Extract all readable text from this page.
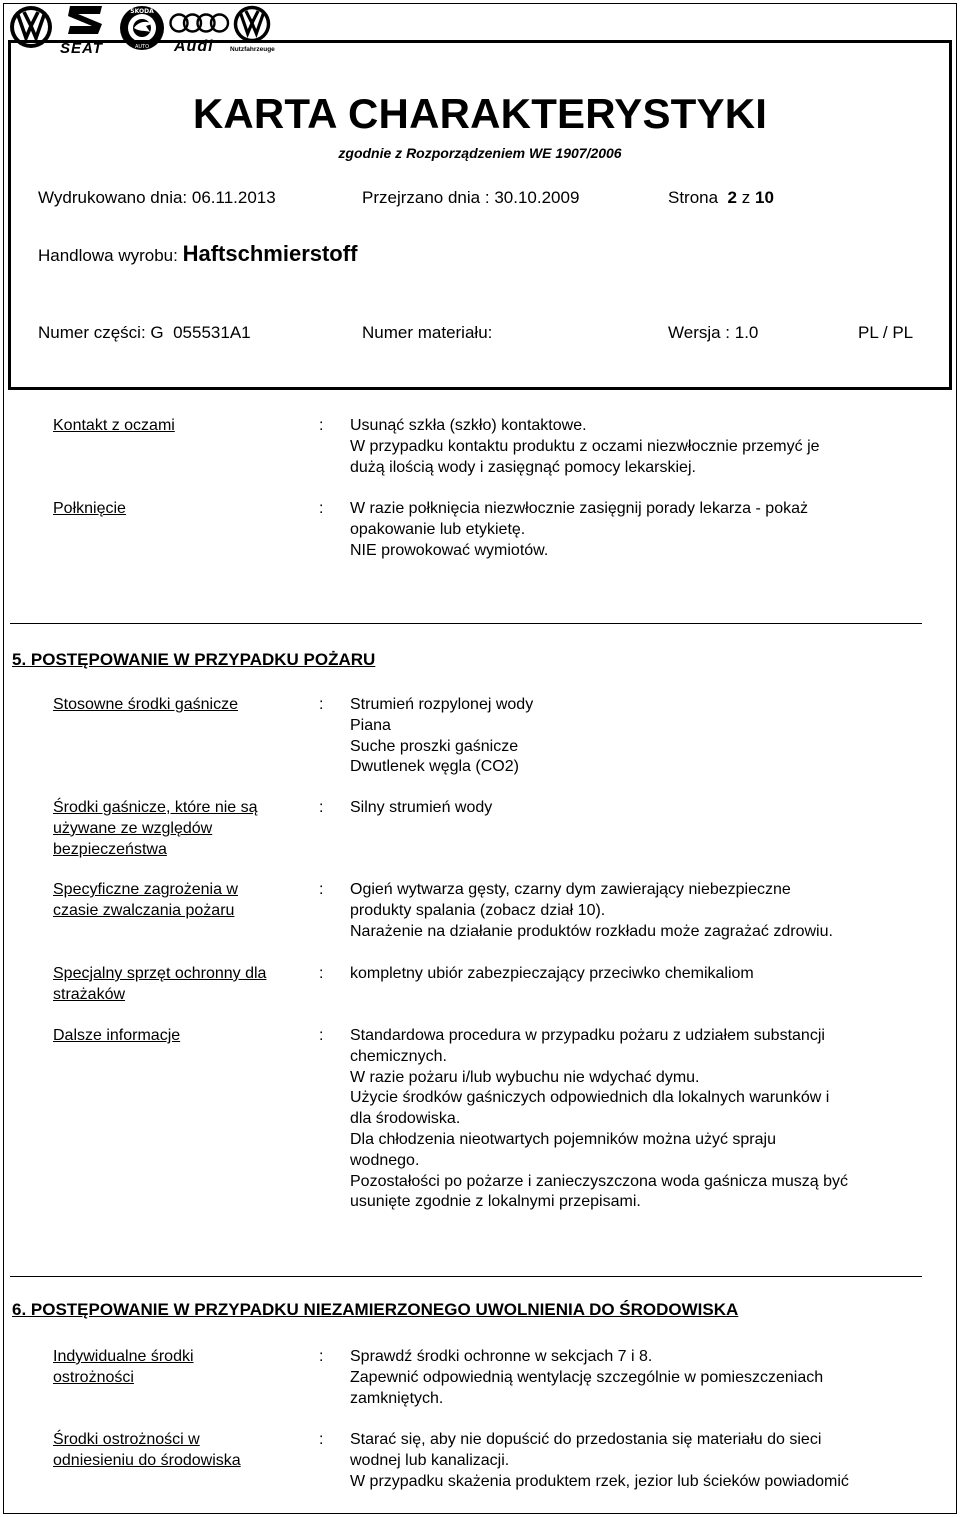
SEAT
ŠKODA
AUTO Audi	Nutzfahrzeuge
KARTA CHARAKTERYSTYKI
zgodnie z Rozporządzeniem WE 1907/2006
Wydrukowano dnia: 06.11.2013	Przejrzano dnia : 30.10.2009	Strona 2 z 10
Handlowa wyrobu: Haftschmierstoff
Numer części: G  055531A1	Numer materiału:	Wersja : 1.0	PL / PL
Kontakt z oczami	: Usunąć szkła (szkło) kontaktowe.
W przypadku kontaktu produktu z oczami niezwłocznie przemyć je
dużą ilością wody i zasięgnąć pomocy lekarskiej.
Połknięcie	: W razie połknięcia niezwłocznie zasięgnij porady lekarza - pokaż
opakowanie lub etykietę.
NIE prowokować wymiotów.
5. POSTĘPOWANIE W PRZYPADKU POŻARU
Stosowne środki gaśnicze	: Strumień rozpylonej wody
Piana
Suche proszki gaśnicze
Dwutlenek węgla (CO2)
Środki gaśnicze, które nie są
używane ze względów
bezpieczeństwa
: Silny strumień wody
Specyficzne zagrożenia w
czasie zwalczania pożaru
: Ogień wytwarza gęsty, czarny dym zawierający niebezpieczne
produkty spalania (zobacz dział 10).
Narażenie na działanie produktów rozkładu może zagrażać zdrowiu.
Specjalny sprzęt ochronny dla
strażaków
: kompletny ubiór zabezpieczający przeciwko chemikaliom
Dalsze informacje	: Standardowa procedura w przypadku pożaru z udziałem substancji
chemicznych.
W razie pożaru i/lub wybuchu nie wdychać dymu.
Użycie środków gaśniczych odpowiednich dla lokalnych warunków i
dla środowiska.
Dla chłodzenia nieotwartych pojemników można użyć spraju
wodnego.
Pozostałości po pożarze i zanieczyszczona woda gaśnicza muszą być
usunięte zgodnie z lokalnymi przepisami.
6. POSTĘPOWANIE W PRZYPADKU NIEZAMIERZONEGO UWOLNIENIA DO ŚRODOWISKA
Indywidualne środki
ostrożności
: Sprawdź środki ochronne w sekcjach 7 i 8.
Zapewnić odpowiednią wentylację szczególnie w pomieszczeniach
zamkniętych.
Środki ostrożności w
odniesieniu do środowiska
: Starać się, aby nie dopuścić do przedostania się materiału do sieci
wodnej lub kanalizacji.
W przypadku skażenia produktem rzek, jezior lub ścieków powiadomić
